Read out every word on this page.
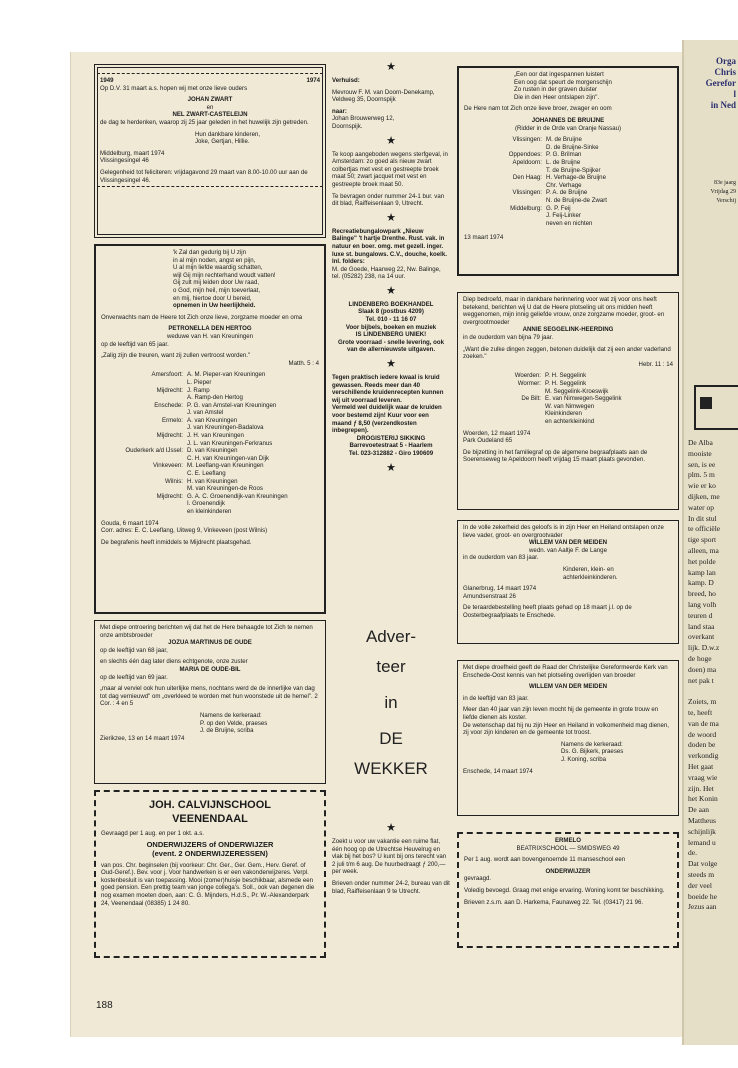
Orga
Chris
Gerefor
l
in Ned
83e jaarg
Vrijdag 29
Verschij
De Alba
mooiste
sen, is ee
plm. 5 m
wie er ko
dijken, me
water op
In dit stul
te officiële
tige sport
alleen, ma
het polde
kamp lan
kamp. D
breed, ho
lang volh
teuren d
land staa
overkant
lijk. D.w.z
de hoge
doen) ma
net pak t
Zoiets, m
te, heeft
van de ma
de woord
doden be
verkondig
Het gaat
vraag wie
zijn. Het
het Konin
De aan
Mattheus
schijnlijk
lemand u
de.
Dat volge
steeds m
der veel
boeide he
Jezus aan
1949	1974
Op D.V. 31 maart a.s. hopen wij met onze lieve ouders
JOHAN ZWART
en
NEL ZWART-CASTELEIJN
de dag te herdenken, waarop zij 25 jaar geleden in het huwelijk zijn getreden.
Hun dankbare kinderen,
Joke, Gertjan, Hillie.
Middelburg, maart 1974
Vlissingesingel 46
Gelegenheid tot feliciteren: vrijdagavond 29 maart van 8.00-10.00 uur aan de Vlissingesingel 46.
'k Zal dan gedurig bij U zijn
in al mijn noden, angst en pijn,
U al mijn liefde waardig schatten,
wijl Gij mijn rechterhand woudt vatten!
Gij zult mij leiden door Uw raad,
o God, mijn heil, mijn toeverlaat,
en mij, hiertoe door U bereid,
opnemen in Uw heerlijkheid.
Onverwachts nam de Heere tot Zich onze lieve, zorgzame moeder en oma
PETRONELLA DEN HERTOG
weduwe van H. van Kreuningen
op de leeftijd van 65 jaar.
„Zalig zijn die treuren, want zij zullen vertroost worden."
Matth. 5 : 4
Amersfoort: A. M. Pieper-van Kreuningen
L. Pieper
Mijdrecht: J. Ramp
A. Ramp-den Hertog
Enschede: P. G. van Amstel-van Kreuningen
J. van Amstel
Ermelo: A. van Kreuningen
J. van Kreuningen-Badalova
Mijdrecht: J. H. van Kreuningen
J. L. van Kreuningen-Ferkranus
Ouderkerk a/d IJssel: D. van Kreuningen
C. H. van Kreuningen-van Dijk
Vinkeveen: M. Leeflang-van Kreuningen
C. E. Leeflang
Wilnis: H. van Kreuningen
M. van Kreuningen-de Roos
Mijdrecht: G. A. C. Groenendijk-van Kreuningen
I. Groenendijk
en kleinkinderen
Gouda, 6 maart 1974
Corr. adres: E. C. Leeflang, Uitweg 9, Vinkeveen (post Wilnis)
De begrafenis heeft inmiddels te Mijdrecht plaatsgehad.
Met diepe ontroering berichten wij dat het de Here behaagde tot Zich te nemen onze ambtsbroeder
JOZUA MARTINUS DE OUDE
op de leeftijd van 68 jaar,
en slechts één dag later diens echtgenote, onze zuster
MARIA DE OUDE-BIL
op de leeftijd van 69 jaar.
„maar al verviel ook hun uiterlijke mens, nochtans werd de de innerlijke van dag tot dag vernieuwd" om „overkleed te worden met hun woonstede uit de hemel". 2 Cor. : 4 en 5
Namens de kerkeraad:
P. op den Velde, praeses
J. de Bruijne, scriba
Zierikzee, 13 en 14 maart 1974
JOH. CALVIJNSCHOOL
VEENENDAAL
Gevraagd per 1 aug. en per 1 okt. a.s.
ONDERWIJZERS of ONDERWIJZER
(event. 2 ONDERWIJZERESSEN)
van pos. Chr. beginselen (bij voorkeur: Chr. Ger., Ger. Gem., Herv. Geref. of Oud-Geref.). Bev. voor j. Voor handwerken is er een vakonderwijzeres. Verpl. kostenbesluit is van toepassing. Mooi (zomer)huisje beschikbaar, alsmede een goed pension. Een prettig team van jonge collega's. Soll., ook van degenen die nog examen moeten doen, aan: C. G. Mijnders, H.d.S., Pr. W.-Alexanderpark 24, Veenendaal (08385) 1 24 80.
★
Verhuisd:
Mevrouw F. M. van Doorn-Denekamp,
Veldweg 35, Doornspijk
naar:
Johan Brouwerweg 12,
Doornspijk.
★
Te koop aangeboden wegens sterfgeval, in Amsterdam: zo goed als nieuw zwart colbertjas met vest en gestreepte broek maat 50; zwart jacquet met vest en gestreepte broek maat 50.
Te bevragen onder nummer 24-1 bur. van dit blad, Raiffeisenlaan 9, Utrecht.
★
Recreatiebungalowpark „Nieuw Balinge" 't hartje Drenthe. Rust. vak. in natuur en boer. omg. met gezell. inger. luxe st. bungalows. C.V., douche, koelk. Inl. folders:
M. de Goede, Haarweg 22, Nw. Balinge, tel. (05282) 238, na 14 uur.
★
LINDENBERG BOEKHANDEL
Slaak 8 (postbus 4209)
Tel. 010 - 11 16 07
Voor bijbels, boeken en muziek
IS LINDENBERG UNIEK!
Grote voorraad - snelle levering, ook van de allernieuwste uitgaven.
★
Tegen praktisch iedere kwaal is kruid gewassen. Reeds meer dan 40 verschillende kruidenrecepten kunnen wij uit voorraad leveren.
Vermeld wel duidelijk waar de kruiden voor bestemd zijn! Kuur voor een maand ƒ 8,50 (verzendkosten inbegrepen).
DROGISTERIJ SIKKING
Barrevoetestraat 5 - Haarlem
Tel. 023-312882 - Giro 190609
★
Adver-
teer
in
DE
WEKKER
★
Zoekt u voor uw vakantie een ruime flat, één hoog op de Utrechtse Heuvelrug en vlak bij het bos? U kunt bij ons terecht van 2 juli t/m 6 aug. De huurbedraagt ƒ 200,— per week.
Brieven onder nummer 24-2, bureau van dit blad, Raiffeisenlaan 9 te Utrecht.
„Een oor dat ingespannen luistert
Een oog dat speurt de morgenschijn
Zo rusten in der graven duister
Die in den Heer ontslapen zijn".
De Here nam tot Zich onze lieve broer, zwager en oom
JOHANNES DE BRUIJNE
(Ridder in de Orde van Oranje Nassau)
Vlissingen: M. de Bruijne
D. de Bruijne-Sinke
Oppendoes: P. G. Brilman
Apeldoorn: L. de Bruijne
T. de Bruijne-Spijker
Den Haag: H. Verhage-de Bruijne
Chr. Verhage
Vlissingen: P. A. de Bruijne
N. de Bruijne-de Zwart
Middelburg: G. P. Feij
J. Feij-Linker
neven en nichten
13 maart 1974
Diep bedroefd, maar in dankbare herinnering voor wat zij voor ons heeft betekend, berichten wij U dat de Heere plotseling uit ons midden heeft weggenomen, mijn innig geliefde vrouw, onze zorgzame moeder, groot- en overgrootmoeder
ANNIE SEGGELINK-HEERDING
in de ouderdom van bijna 79 jaar.
„Want die zulke dingen zeggen, betonen duidelijk dat zij een ander vaderland zoeken."
Hebr. 11 : 14
Woerden: P. H. Seggelink
Wormer: P. H. Seggelink
M. Seggelink-Kroeswijk
De Bilt: E. van Nimwegen-Seggelink
W. van Nimwegen
Kleinkinderen
en achterkleinkind
Woerden, 12 maart 1974
Park Oudeland 65
De bijzetting in het familiegraf op de algemene begraafplaats aan de Soerenseweg te Apeldoorn heeft vrijdag 15 maart plaats gevonden.
In de volle zekerheid des geloofs is in zijn Heer en Heiland ontslapen onze lieve vader, groot- en overgrootvader
WILLEM VAN DER MEIDEN
wedn. van Aaltje F. de Lange
in de ouderdom van 83 jaar.
Kinderen, klein- en
achterkleinkinderen.
Glanerbrug, 14 maart 1974
Amundsenstraat 26
De teraardebestelling heeft plaats gehad op 18 maart j.l. op de Oosterbegraafplaats te Enschede.
Met diepe droefheid geeft de Raad der Christelijke Gereformeerde Kerk van Enschede-Oost kennis van het plotseling overlijden van broeder
WILLEM VAN DER MEIDEN
in de leeftijd van 83 jaar.
Meer dan 40 jaar van zijn leven mocht hij de gemeente in grote trouw en liefde dienen als koster.
De wetenschap dat hij nu zijn Heer en Heiland in volkomenheid mag dienen, zij voor zijn kinderen en de gemeente tot troost.
Namens de kerkeraad:
Ds. G. Bijkerk, praeses
J. Koning, scriba
Enschede, 14 maart 1974
ERMELO
BEATRIXSCHOOL — SMIDSWEG 49
Per 1 aug. wordt aan bovengenoemde 11 manseschool een
ONDERWIJZER
gevraagd.
Voledig bevoegd. Graag met enige ervaring. Woning komt ter beschikking.
Brieven z.s.m. aan D. Harkema, Faunaweg 22. Tel. (03417) 21 96.
188
